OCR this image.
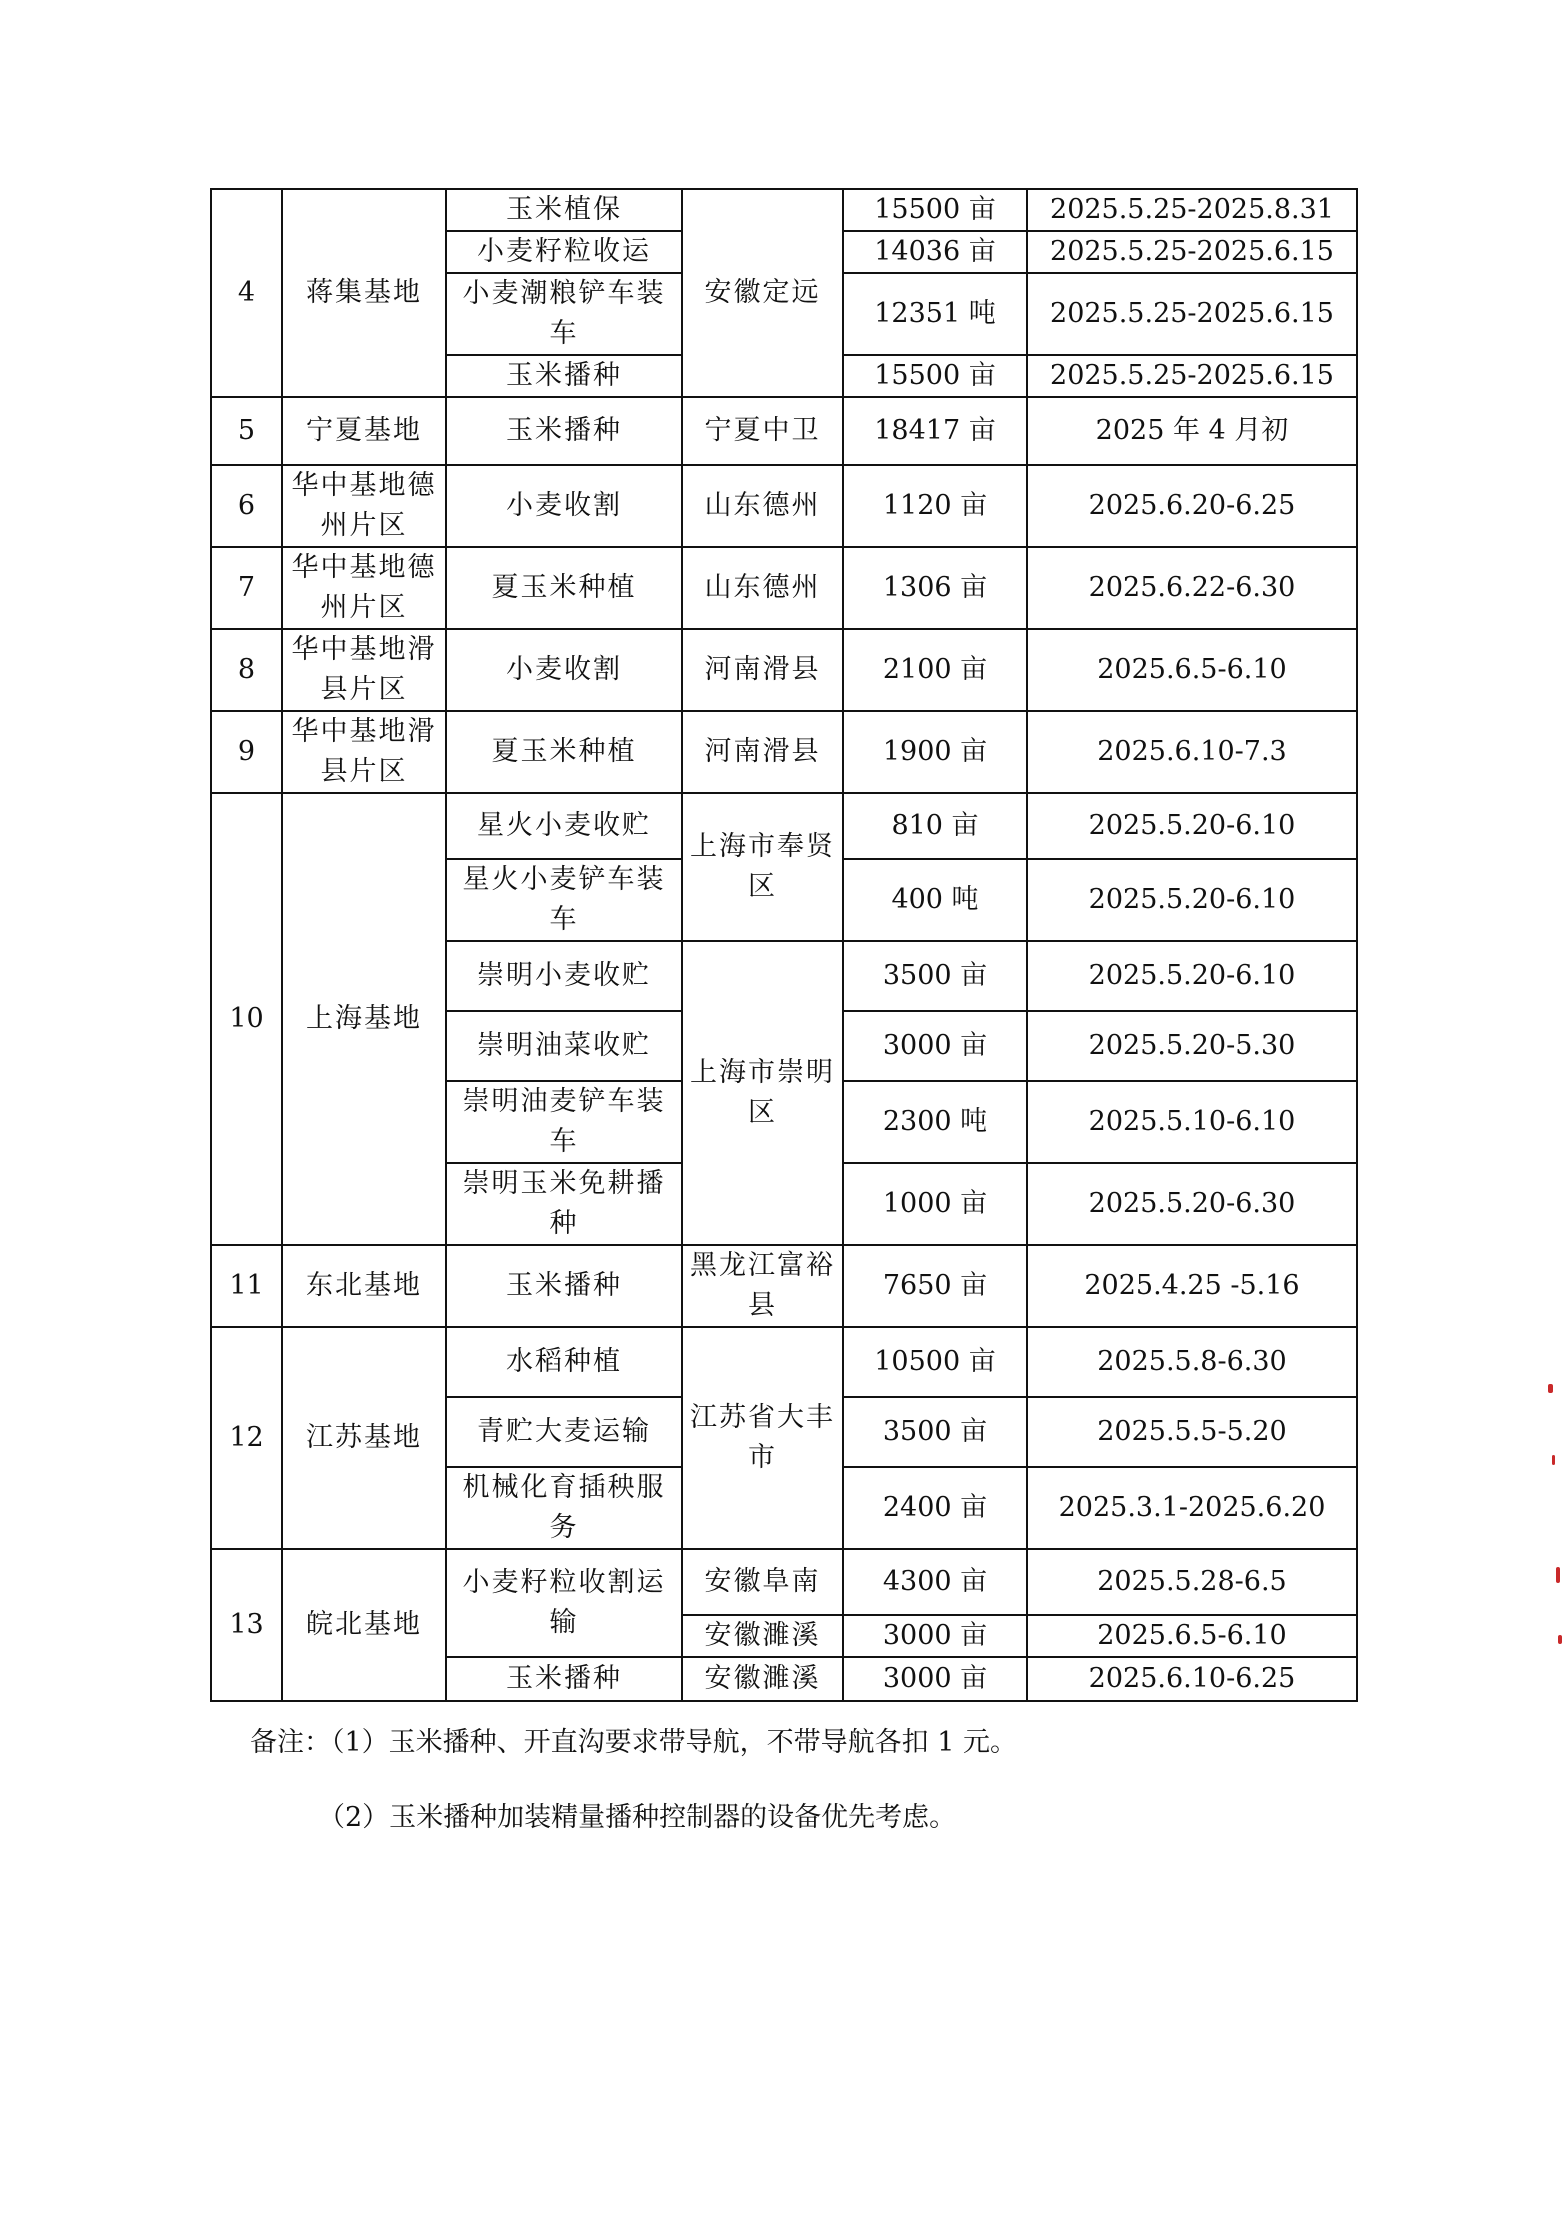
4	蒋集基地	玉米植保	安徽定远	15500 亩	2025.5.25-2025.8.31
		小麦籽粒收运		14036 亩	2025.5.25-2025.6.15
		小麦潮粮铲车装车		12351 吨	2025.5.25-2025.6.15
		玉米播种		15500 亩	2025.5.25-2025.6.15
5	宁夏基地	玉米播种	宁夏中卫	18417 亩	2025 年 4 月初
6	华中基地德州片区	小麦收割	山东德州	1120 亩	2025.6.20-6.25
7	华中基地德州片区	夏玉米种植	山东德州	1306 亩	2025.6.22-6.30
8	华中基地滑县片区	小麦收割	河南滑县	2100 亩	2025.6.5-6.10
9	华中基地滑县片区	夏玉米种植	河南滑县	1900 亩	2025.6.10-7.3
10	上海基地	星火小麦收贮	上海市奉贤区	810 亩	2025.5.20-6.10
		星火小麦铲车装车		400 吨	2025.5.20-6.10
		崇明小麦收贮	上海市崇明区	3500 亩	2025.5.20-6.10
		崇明油菜收贮		3000 亩	2025.5.20-5.30
		崇明油麦铲车装车		2300 吨	2025.5.10-6.10
		崇明玉米免耕播种		1000 亩	2025.5.20-6.30
11	东北基地	玉米播种	黑龙江富裕县	7650 亩	2025.4.25 -5.16
12	江苏基地	水稻种植	江苏省大丰市	10500 亩	2025.5.8-6.30
		青贮大麦运输		3500 亩	2025.5.5-5.20
		机械化育插秧服务		2400 亩	2025.3.1-2025.6.20
13	皖北基地	小麦籽粒收割运输	安徽阜南	4300 亩	2025.5.28-6.5
			安徽濉溪	3000 亩	2025.6.5-6.10
		玉米播种	安徽濉溪	3000 亩	2025.6.10-6.25
备注：（1）玉米播种、开直沟要求带导航，不带导航各扣 1 元。
（2）玉米播种加装精量播种控制器的设备优先考虑。
